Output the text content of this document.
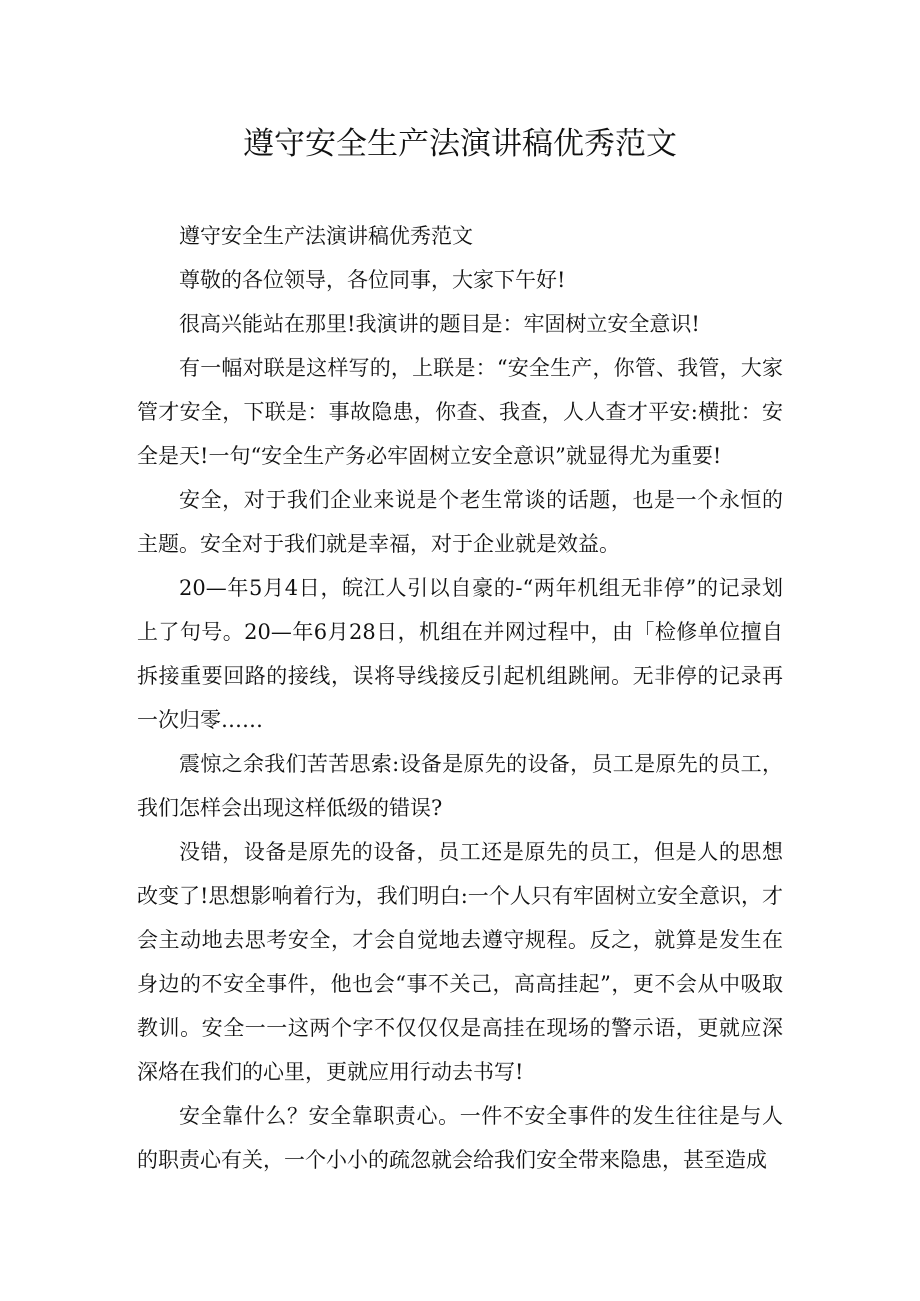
遵守安全生产法演讲稿优秀范文

遵守安全生产法演讲稿优秀范文

尊敬的各位领导，各位同事，大家下午好!

很高兴能站在那里!我演讲的题目是：牢固树立安全意识!

有一幅对联是这样写的，上联是：“安全生产，你管、我管，大家管才安全，下联是：事故隐患，你查、我查，人人查才平安:横批：安全是天!一句“安全生产务必牢固树立安全意识”就显得尤为重要!

安全，对于我们企业来说是个老生常谈的话题，也是一个永恒的主题。安全对于我们就是幸福，对于企业就是效益。

20—年5月4日，皖江人引以自豪的-“两年机组无非停”的记录划上了句号。20—年6月28日，机组在并网过程中，由「检修单位擅自拆接重要回路的接线，误将导线接反引起机组跳闸。无非停的记录再一次归零……

震惊之余我们苦苦思索:设备是原先的设备，员工是原先的员工，我们怎样会出现这样低级的错误?

没错，设备是原先的设备，员工还是原先的员工，但是人的思想改变了!思想影响着行为，我们明白:一个人只有牢固树立安全意识，才会主动地去思考安全，才会自觉地去遵守规程。反之，就算是发生在身边的不安全事件，他也会“事不关己，高高挂起”，更不会从中吸取教训。安全一一这两个字不仅仅仅是高挂在现场的警示语，更就应深深烙在我们的心里，更就应用行动去书写!

安全靠什么？安全靠职责心。一件不安全事件的发生往往是与人的职责心有关，一个小小的疏忽就会给我们安全带来隐患，甚至造成
